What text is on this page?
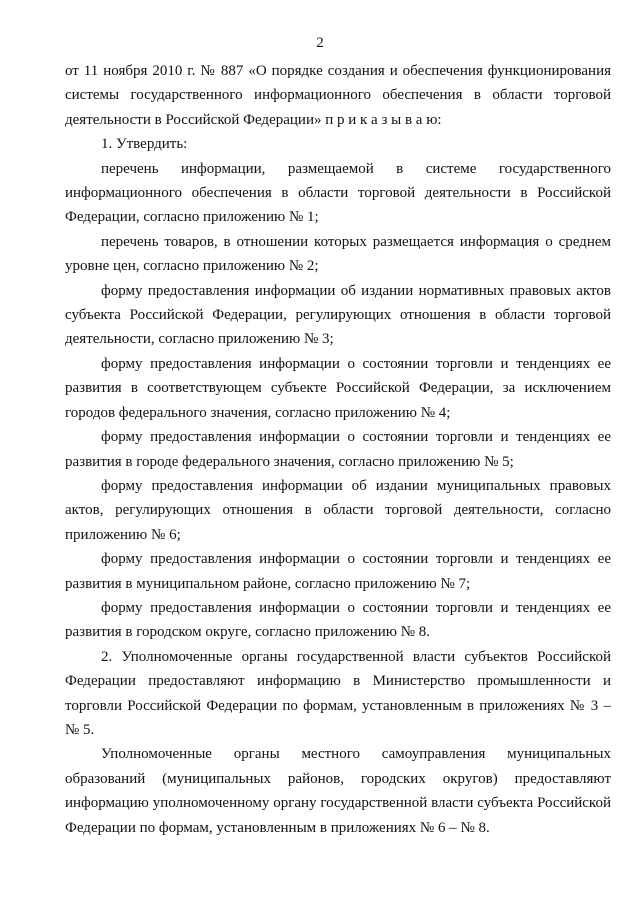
2

от 11 ноября 2010 г. № 887 «О порядке создания и обеспечения функционирования системы государственного информационного обеспечения в области торговой деятельности в Российской Федерации» п р и к а з ы в а ю:

1. Утвердить:

перечень информации, размещаемой в системе государственного информационного обеспечения в области торговой деятельности в Российской Федерации, согласно приложению № 1;

перечень товаров, в отношении которых размещается информация о среднем уровне цен, согласно приложению № 2;

форму предоставления информации об издании нормативных правовых актов субъекта Российской Федерации, регулирующих отношения в области торговой деятельности, согласно приложению № 3;

форму предоставления информации о состоянии торговли и тенденциях ее развития в соответствующем субъекте Российской Федерации, за исключением городов федерального значения, согласно приложению № 4;

форму предоставления информации о состоянии торговли и тенденциях ее развития в городе федерального значения, согласно приложению № 5;

форму предоставления информации об издании муниципальных правовых актов, регулирующих отношения в области торговой деятельности, согласно приложению № 6;

форму предоставления информации о состоянии торговли и тенденциях ее развития в муниципальном районе, согласно приложению № 7;

форму предоставления информации о состоянии торговли и тенденциях ее развития в городском округе, согласно приложению № 8.

2. Уполномоченные органы государственной власти субъектов Российской Федерации предоставляют информацию в Министерство промышленности и торговли Российской Федерации по формам, установленным в приложениях № 3 – № 5.

Уполномоченные органы местного самоуправления муниципальных образований (муниципальных районов, городских округов) предоставляют информацию уполномоченному органу государственной власти субъекта Российской Федерации по формам, установленным в приложениях № 6 – № 8.
